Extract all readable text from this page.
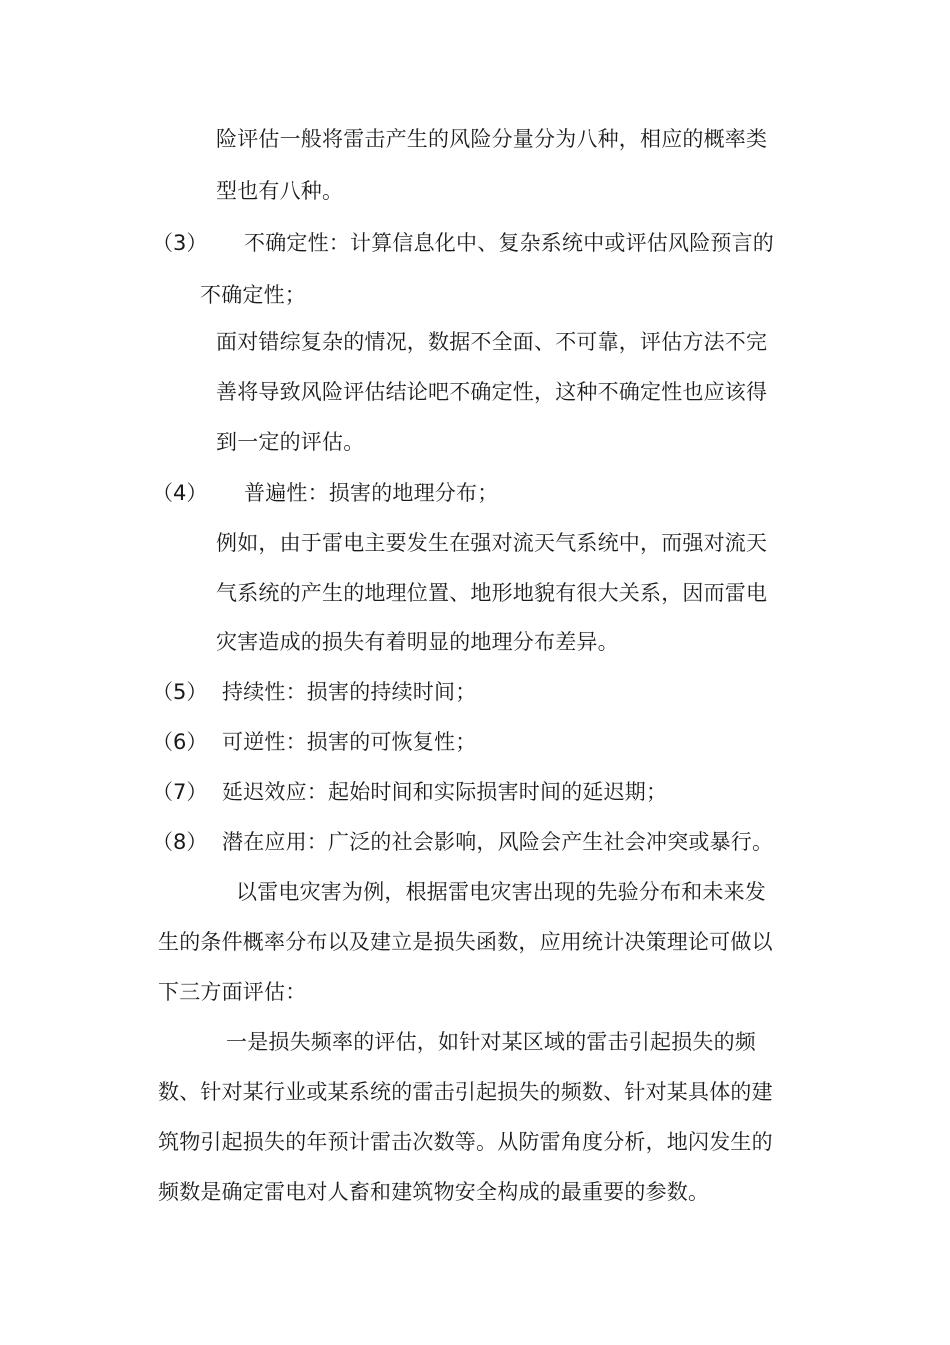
险评估一般将雷击产生的风险分量分为八种，相应的概率类
型也有八种。
（3） 不确定性：计算信息化中、复杂系统中或评估风险预言的
不确定性；
面对错综复杂的情况，数据不全面、不可靠，评估方法不完
善将导致风险评估结论吧不确定性，这种不确定性也应该得
到一定的评估。
（4） 普遍性：损害的地理分布；
例如，由于雷电主要发生在强对流天气系统中，而强对流天
气系统的产生的地理位置、地形地貌有很大关系，因而雷电
灾害造成的损失有着明显的地理分布差异。
（5） 持续性：损害的持续时间；
（6） 可逆性：损害的可恢复性；
（7） 延迟效应：起始时间和实际损害时间的延迟期；
（8） 潜在应用：广泛的社会影响，风险会产生社会冲突或暴行。
以雷电灾害为例，根据雷电灾害出现的先验分布和未来发
生的条件概率分布以及建立是损失函数，应用统计决策理论可做以
下三方面评估：
一是损失频率的评估，如针对某区域的雷击引起损失的频
数、针对某行业或某系统的雷击引起损失的频数、针对某具体的建
筑物引起损失的年预计雷击次数等。从防雷角度分析，地闪发生的
频数是确定雷电对人畜和建筑物安全构成的最重要的参数。
